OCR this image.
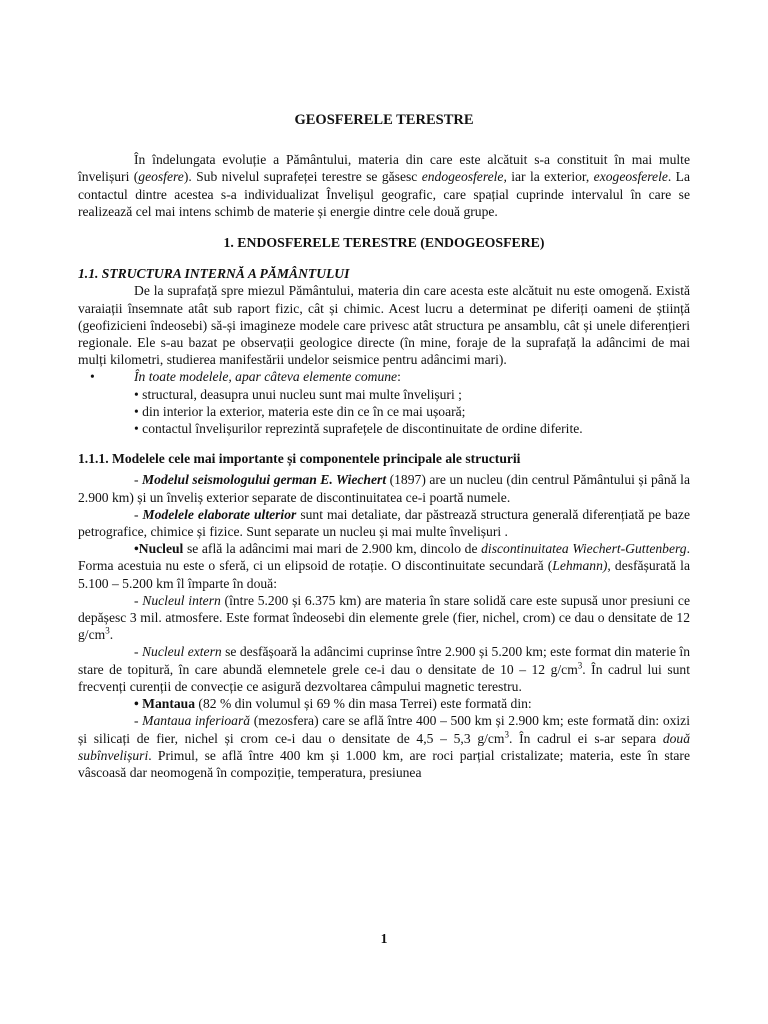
GEOSFERELE TERESTRE

În îndelungata evoluție a Pământului, materia din care este alcătuit s-a constituit în mai multe învelișuri (geosfere). Sub nivelul suprafeței terestre se găsesc endogeosferele, iar la exterior, exogeosferele. La contactul dintre acestea s-a individualizat Învelișul geografic, care spațial cuprinde intervalul în care se realizează cel mai intens schimb de materie și energie dintre cele două grupe.

1. ENDOSFERELE TERESTRE (ENDOGEOSFERE)
1.1. STRUCTURA INTERNĂ A PĂMÂNTULUI

De la suprafață spre miezul Pământului, materia din care acesta este alcătuit nu este omogenă. Există varaiații însemnate atât sub raport fizic, cât și chimic. Acest lucru a determinat pe diferiți oameni de știință (geofizicieni îndeosebi) să-și imagineze modele care privesc atât structura pe ansamblu, cât și unele diferențieri regionale. Ele s-au bazat pe observații geologice directe (în mine, foraje de la suprafață la adâncimi de mai mulți kilometri, studierea manifestării undelor seismice pentru adâncimi mari).

•	În toate modelele, apar câteva elemente comune:

• structural, deasupra unui nucleu sunt mai multe învelișuri ;

• din interior la exterior, materia este din ce în ce mai ușoară;

• contactul învelișurilor reprezintă suprafețele de discontinuitate de ordine diferite.

1.1.1. Modelele cele mai importante și componentele principale ale structurii

- Modelul seismologului german E. Wiechert (1897) are un nucleu (din centrul Pământului și până la 2.900 km) și un înveliș exterior separate de discontinuitatea ce-i poartă numele.

- Modelele elaborate ulterior sunt mai detaliate, dar păstrează structura generală diferențiată pe baze petrografice, chimice și fizice. Sunt separate un nucleu și mai multe învelișuri .

•Nucleul se află la adâncimi mai mari de 2.900 km, dincolo de discontinuitatea Wiechert-Guttenberg. Forma acestuia nu este o sferă, ci un elipsoid de rotație. O discontinuitate secundară (Lehmann), desfășurată la 5.100 – 5.200 km îl împarte în două:

- Nucleul intern (între 5.200 și 6.375 km) are materia în stare solidă care este supusă unor presiuni ce depășesc 3 mil. atmosfere. Este format îndeosebi din elemente grele (fier, nichel, crom) ce dau o densitate de 12 $g/cm^3$.

- Nucleul extern se desfășoară la adâncimi cuprinse între 2.900 și 5.200 km; este format din materie în stare de topitură, în care abundă elemnetele grele ce-i dau o densitate de 10 – 12 $g/cm^3$. În cadrul lui sunt frecvenți curenții de convecție ce asigură dezvoltarea câmpului magnetic terestru.

• Mantaua (82 % din volumul și 69 % din masa Terrei) este formată din:

- Mantaua inferioară (mezosfera) care se află între 400 – 500 km și 2.900 km; este formată din: oxizi și silicați de fier, nichel și crom ce-i dau o densitate de 4,5 – 5,3 $g/cm^3$. În cadrul ei s-ar separa două subînvelișuri. Primul, se află între 400 km și 1.000 km, are roci parțial cristalizate; materia, este în stare vâscoasă dar neomogenă în compoziție, temperatura, presiunea

1
